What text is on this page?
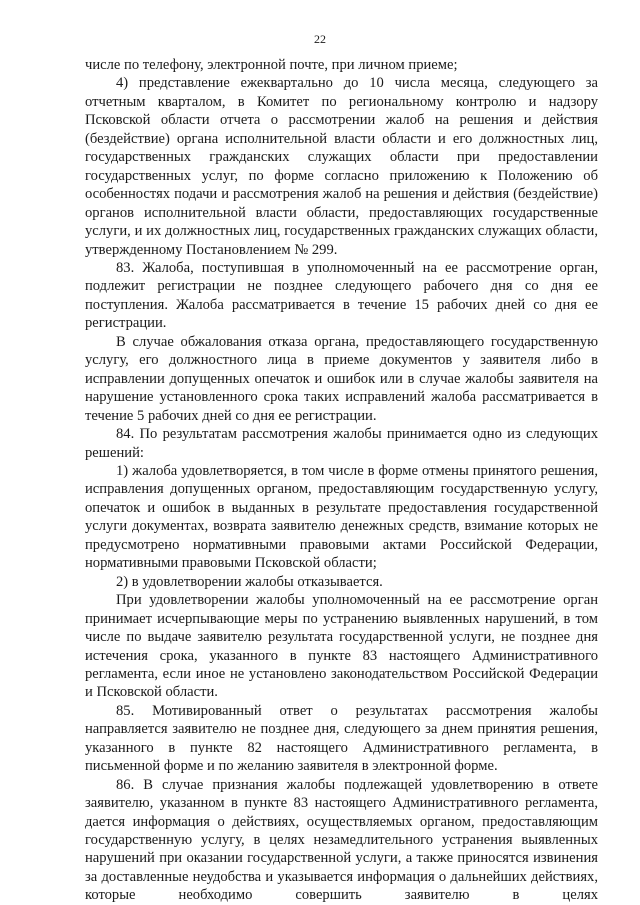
22

числе по телефону, электронной почте, при личном приеме;

4) представление ежеквартально до 10 числа месяца, следующего за отчетным кварталом, в Комитет по региональному контролю и надзору Псковской области отчета о рассмотрении жалоб на решения и действия (бездействие) органа исполнительной власти области и его должностных лиц, государственных гражданских служащих области при предоставлении государственных услуг, по форме согласно приложению к Положению об особенностях подачи и рассмотрения жалоб на решения и действия (бездействие) органов исполнительной власти области, предоставляющих государственные услуги, и их должностных лиц, государственных гражданских служащих области, утвержденному Постановлением № 299.

83. Жалоба, поступившая в уполномоченный на ее рассмотрение орган, подлежит регистрации не позднее следующего рабочего дня со дня ее поступления. Жалоба рассматривается в течение 15 рабочих дней со дня ее регистрации.

В случае обжалования отказа органа, предоставляющего государственную услугу, его должностного лица в приеме документов у заявителя либо в исправлении допущенных опечаток и ошибок или в случае жалобы заявителя на нарушение установленного срока таких исправлений жалоба рассматривается в течение 5 рабочих дней со дня ее регистрации.

84. По результатам рассмотрения жалобы принимается одно из следующих решений:

1) жалоба удовлетворяется, в том числе в форме отмены принятого решения, исправления допущенных органом, предоставляющим государственную услугу, опечаток и ошибок в выданных в результате предоставления государственной услуги документах, возврата заявителю денежных средств, взимание которых не предусмотрено нормативными правовыми актами Российской Федерации, нормативными правовыми Псковской области;

2) в удовлетворении жалобы отказывается.

При удовлетворении жалобы уполномоченный на ее рассмотрение орган принимает исчерпывающие меры по устранению выявленных нарушений, в том числе по выдаче заявителю результата государственной услуги, не позднее дня истечения срока, указанного в пункте 83 настоящего Административного регламента, если иное не установлено законодательством Российской Федерации и Псковской области.

85. Мотивированный ответ о результатах рассмотрения жалобы направляется заявителю не позднее дня, следующего за днем принятия решения, указанного в пункте 82 настоящего Административного регламента, в письменной форме и по желанию заявителя в электронной форме.

86. В случае признания жалобы подлежащей удовлетворению в ответе заявителю, указанном в пункте 83 настоящего Административного регламента, дается информация о действиях, осуществляемых органом, предоставляющим государственную услугу, в целях незамедлительного устранения выявленных нарушений при оказании государственной услуги, а также приносятся извинения за доставленные неудобства и указывается информация о дальнейших действиях, которые необходимо совершить заявителю в целях
